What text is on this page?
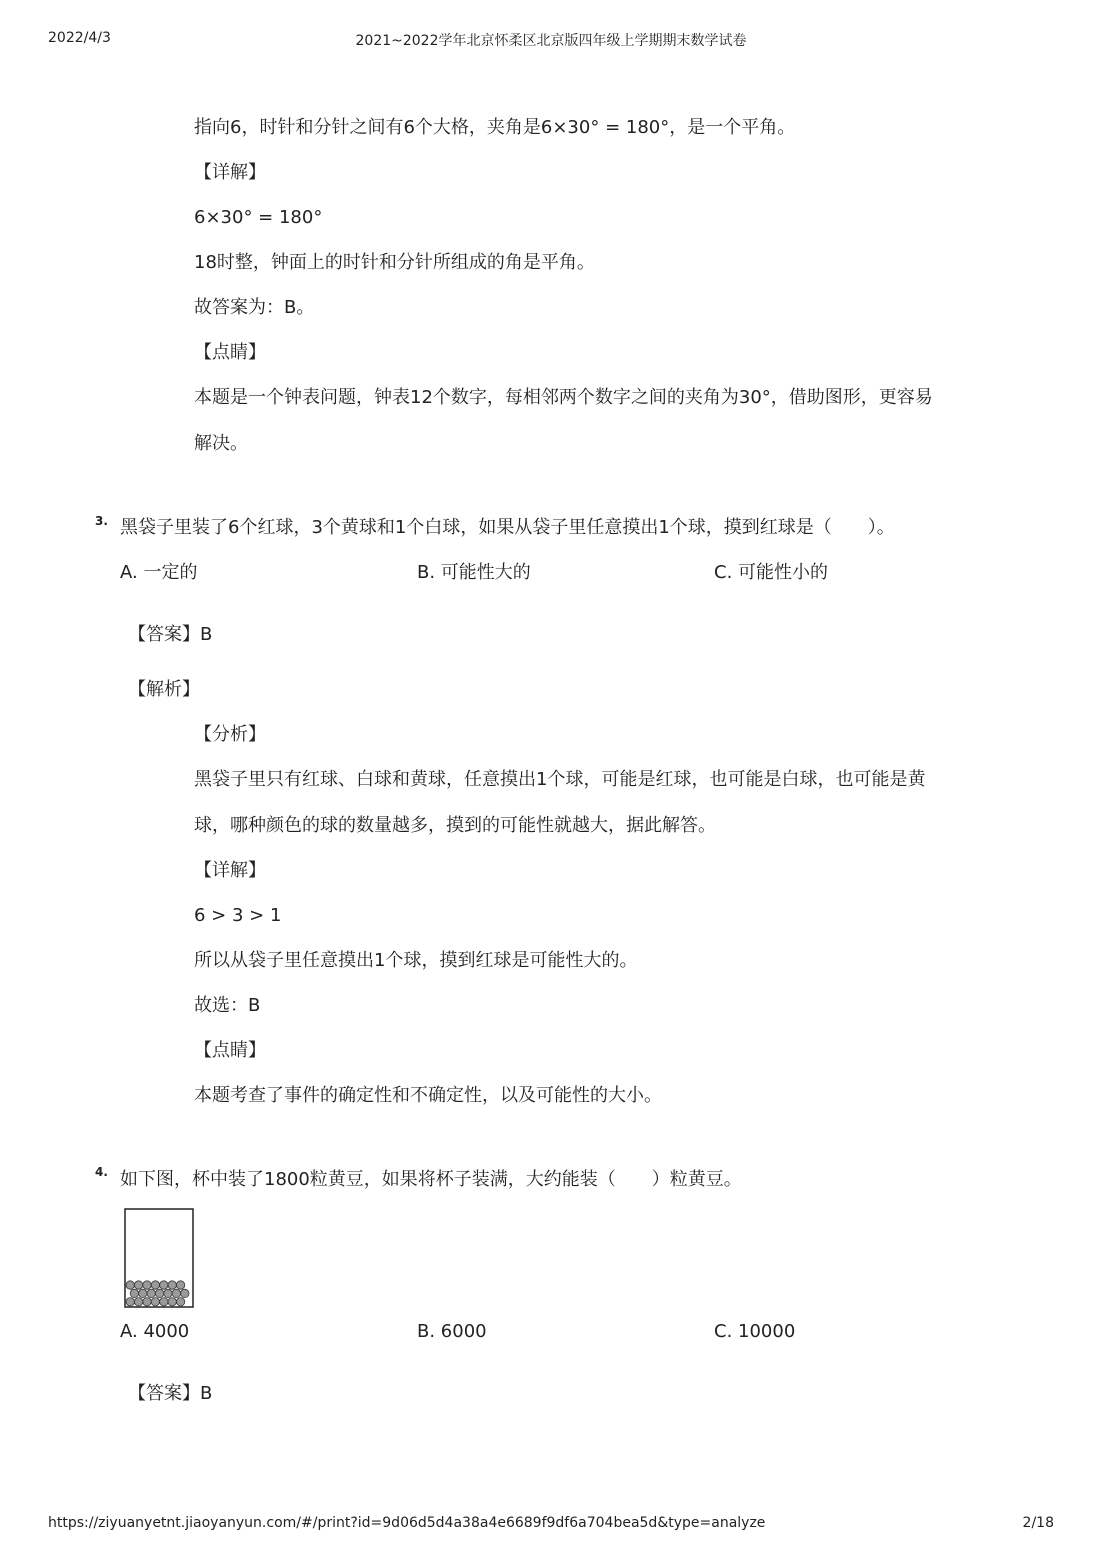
2022/4/3	2021~2022学年北京怀柔区北京版四年级上学期期末数学试卷
指向6，时针和分针之间有6个大格，夹角是6×30° = 180°，是一个平角。
【详解】
6×30° = 180°
18时整，钟面上的时针和分针所组成的角是平角。
故答案为：B。
【点睛】
本题是一个钟表问题，钟表12个数字，每相邻两个数字之间的夹角为30°，借助图形，更容易
解决。
3. 黑袋子里装了6个红球，3个黄球和1个白球，如果从袋子里任意摸出1个球，摸到红球是（　　）。
A. 一定的	B. 可能性大的	C. 可能性小的
【答案】B
【解析】
【分析】
黑袋子里只有红球、白球和黄球，任意摸出1个球，可能是红球，也可能是白球，也可能是黄
球，哪种颜色的球的数量越多，摸到的可能性就越大，据此解答。
【详解】
6 > 3 > 1
所以从袋子里任意摸出1个球，摸到红球是可能性大的。
故选：B
【点睛】
本题考查了事件的确定性和不确定性，以及可能性的大小。
4. 如下图，杯中装了1800粒黄豆，如果将杯子装满，大约能装（　　）粒黄豆。
A. 4000	B. 6000	C. 10000
【答案】B
https://ziyuanyetnt.jiaoyanyun.com/#/print?id=9d06d5d4a38a4e6689f9df6a704bea5d&type=analyze	2/18
